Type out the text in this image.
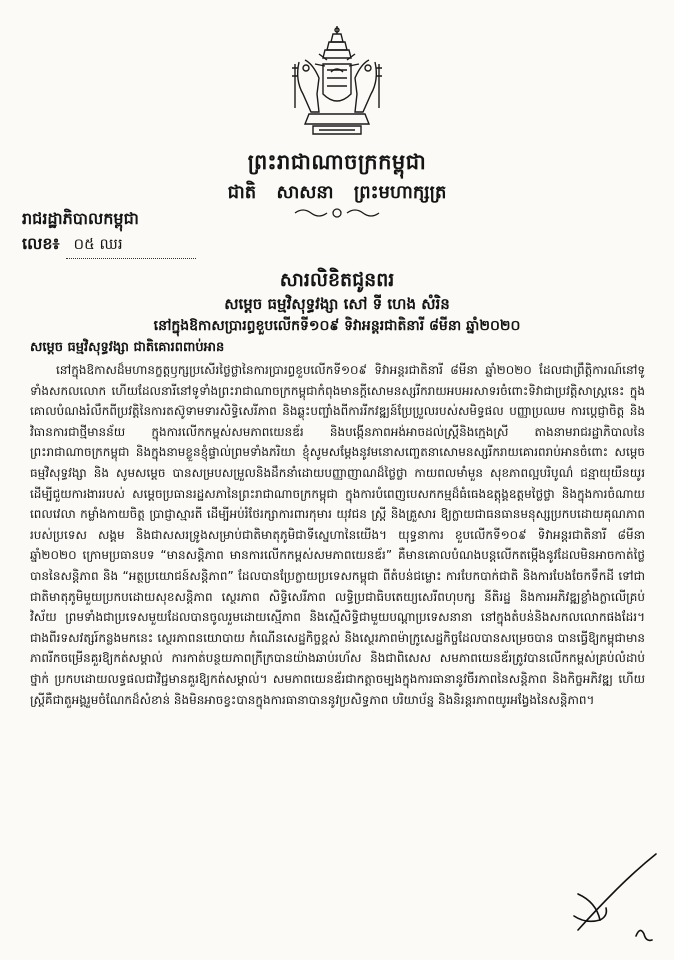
ព្រះរាជាណាចក្រកម្ពុជា
ជាតិ សាសនា ព្រះមហាក្សត្រ
រាជរដ្ឋាភិបាលកម្ពុជា
លេខ៖ ០៥ ឈរ
សារលិខិតជូនពរ
សម្ដេច ធម្មវិសុទ្ធវង្សា សៅ ទី ហេង សំរិន
នៅក្នុងឱកាសប្រារព្ធខួបលើកទី១០៩ ទិវាអន្តរជាតិនារី ៨មីនា ឆ្នាំ២០២០
សម្ដេច ធម្មវិសុទ្ធវង្សា ជាតិគោរពពាប់អាន

នៅក្នុងឱកាសដ៏មហានក្ខត្តឫក្សប្រសើរថ្លៃថ្លានៃការប្រារព្ធខួបលើកទី១០៩ ទិវាអន្តរជាតិនារី ៨មីនា ឆ្នាំ២០២០ ដែលជាព្រឹត្តិការណ៍នៅទូទាំងសកលលោក ហើយដែលនារីនៅទូទាំងព្រះរាជាណាចក្រកម្ពុជាកំពុងមានក្តីសោមនស្សរីករាយអបអរសាទរចំពោះទិវាជាប្រវត្តិសាស្ត្រនេះ ក្នុងគោលបំណងរំលឹកពីប្រវត្តិនៃការតស៊ូទាមទារសិទ្ធិសេរីភាព និងឆ្លុះបញ្ចាំងពីការរីកវឌ្ឍន៍ប្រែប្រួលរបស់សមិទ្ធផល បញ្ញាប្រឈម ការប្តេជ្ញាចិត្ត និងវិធានការជាថ្មីមានន័យ ក្នុងការលើកកម្ពស់សមភាពយេនឌ័រ និងបង្កើនភាពអង់អាចដល់ស្ត្រីនិងក្មេងស្រី តាងនាមរាជរដ្ឋាភិបាលនៃព្រះរាជាណាចក្រកម្ពុជា និងក្នុងនាមខ្លួនខ្ញុំផ្ទាល់ព្រមទាំងភរិយា ខ្ញុំសូមសម្តែងនូវមនោសញ្ចេតនាសោមនស្សរីករាយគោរពរាប់អានចំពោះ សម្ដេច ធម្មវិសុទ្ធវង្សា និង សូមសម្តេច បានសម្របសម្រួលនិងដឹកនាំដោយបញ្ញាញាណដ៏ថ្លៃថ្លា កាយពលមាំមួន សុខភាពល្អបរិបូណ៌ ជន្មាយុយឺនយូរ ដើម្បីជួយការងាររបស់ សម្តេចប្រធានរដ្ឋសភានៃព្រះរាជាណាចក្រកម្ពុជា ក្នុងការបំពេញបេសកកម្មដ៏ធំធេងឧត្តុង្គឧត្តមថ្លៃថ្លា និងក្នុងការចំណាយពេលវេលា កម្លាំងកាយចិត្ត ប្រាជ្ញាស្មារតី ដើម្បីអប់រំថែរក្សាការពារកុមារ យុវជន ស្ត្រី និងគ្រួសារ ឱ្យក្លាយជាធនធានមនុស្សប្រកបដោយគុណភាពរបស់ប្រទេស សង្គម និងជាសសរទ្រូងសម្រាប់ជាតិមាតុភូមិជាទីស្នេហានៃយើង។ យុទ្ធនាការ ខួបលើកទី១០៩ ទិវាអន្តរជាតិនារី ៨មីនា ឆ្នាំ២០២០ ក្រោមប្រធានបទ “មានសន្តិភាព មានការលើកកម្ពស់សមភាពយេនឌ័រ” គឺមានគោលបំណងបន្តលើកតម្កើងនូវដែលមិនអាចកាត់ថ្លៃបាននៃសន្តិភាព និង “អត្ថប្រយោជន៍សន្តិភាព” ដែលបានប្រែក្លាយប្រទេសកម្ពុជា ពីតំបន់ជម្លោះ ការបែកបាក់ជាតិ និងការបែងចែកទឹកដី ទៅជាជាតិមាតុភូមិមួយប្រកបដោយសុខសន្តិភាព ស្ថេរភាព សិទ្ធិសេរីភាព លទ្ធិប្រជាធិបតេយ្យសេរីពហុបក្ស នីតិរដ្ឋ និងការអភិវឌ្ឍខ្លាំងក្លាលើគ្រប់វិស័យ ព្រមទាំងជាប្រទេសមួយដែលបានចូលរួមដោយស្មើភាព និងស្មើសិទ្ធិជាមួយបណ្តាប្រទេសនានា នៅក្នុងតំបន់និងសកលលោកផងដែរ។ ជាងពីរទសវត្សរ៍កន្លងមកនេះ ស្ថេរភាពនយោបាយ កំណើនសេដ្ឋកិច្ចខ្ពស់ និងស្ថេរភាពម៉ាក្រូសេដ្ឋកិច្ចដែលបានសម្រេចបាន បានធ្វើឱ្យកម្ពុជាមានភាពរីកចម្រើនគួរឱ្យកត់សម្គាល់ ការកាត់បន្ថយភាពក្រីក្របានយ៉ាងឆាប់រហ័ស និងជាពិសេស សមភាពយេនឌ័រត្រូវបានលើកកម្ពស់គ្រប់លំដាប់ថ្នាក់ ប្រកបដោយលទ្ធផលជាវិជ្ជមានគួរឱ្យកត់សម្គាល់។ សមភាពយេនឌ័រជាកត្តាចម្បងក្នុងការធានានូវចីរភាពនៃសន្តិភាព និងកិច្ចអភិវឌ្ឍ ហើយស្ត្រីគឺជាតួអង្គរួមចំណែកដ៏សំខាន់ និងមិនអាចខ្វះបានក្នុងការធានាបាននូវប្រសិទ្ធភាព បរិយាប័ន្ន និងនិរន្តរភាពយូរអង្វែងនៃសន្តិភាព។
